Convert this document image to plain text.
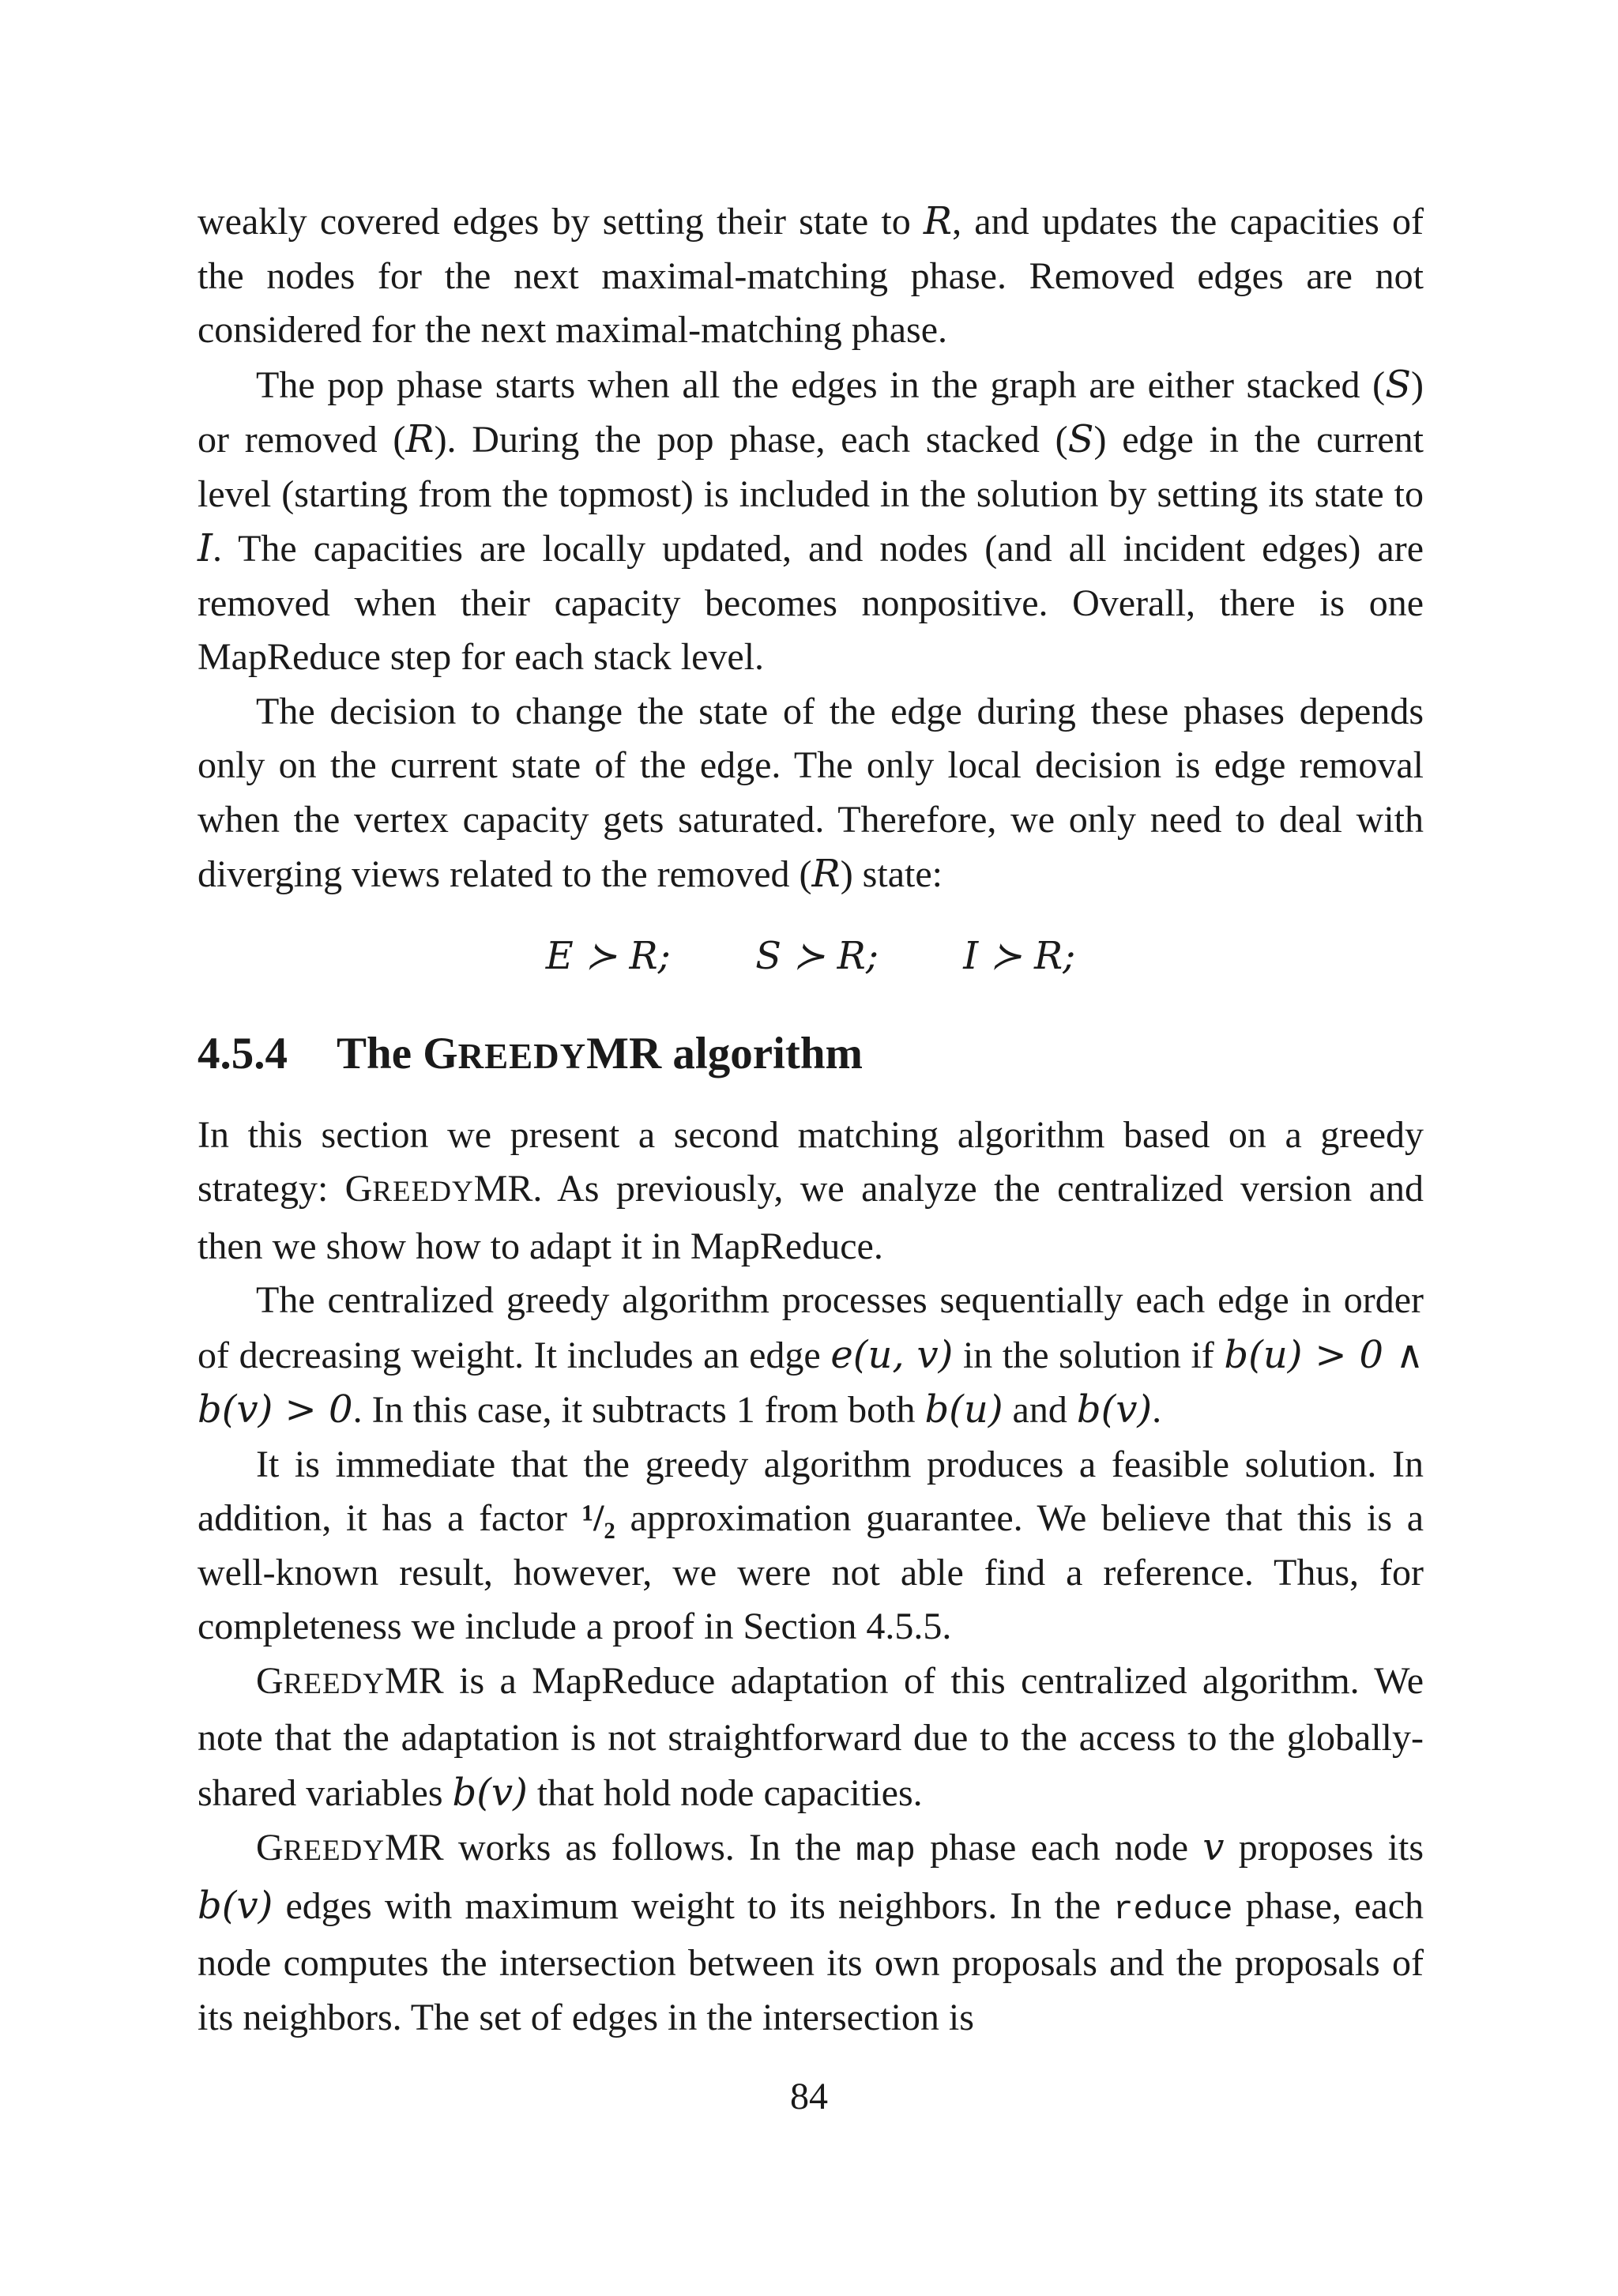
weakly covered edges by setting their state to R, and updates the capacities of the nodes for the next maximal-matching phase. Removed edges are not considered for the next maximal-matching phase.

The pop phase starts when all the edges in the graph are either stacked (S) or removed (R). During the pop phase, each stacked (S) edge in the current level (starting from the topmost) is included in the solution by setting its state to I. The capacities are locally updated, and nodes (and all incident edges) are removed when their capacity becomes nonpositive. Overall, there is one MapReduce step for each stack level.

The decision to change the state of the edge during these phases depends only on the current state of the edge. The only local decision is edge removal when the vertex capacity gets saturated. Therefore, we only need to deal with diverging views related to the removed (R) state:

E ≻ R; S ≻ R; I ≻ R;
4.5.4 The GREEDYMR algorithm

In this section we present a second matching algorithm based on a greedy strategy: GREEDYMR. As previously, we analyze the centralized version and then we show how to adapt it in MapReduce.

The centralized greedy algorithm processes sequentially each edge in order of decreasing weight. It includes an edge e(u, v) in the solution if b(u) > 0 ∧ b(v) > 0. In this case, it subtracts 1 from both b(u) and b(v).

It is immediate that the greedy algorithm produces a feasible solution. In addition, it has a factor ¹/₂ approximation guarantee. We believe that this is a well-known result, however, we were not able find a reference. Thus, for completeness we include a proof in Section 4.5.5.

GREEDYMR is a MapReduce adaptation of this centralized algorithm. We note that the adaptation is not straightforward due to the access to the globally-shared variables b(v) that hold node capacities.

GREEDYMR works as follows. In the map phase each node v proposes its b(v) edges with maximum weight to its neighbors. In the reduce phase, each node computes the intersection between its own proposals and the proposals of its neighbors. The set of edges in the intersection is

84
